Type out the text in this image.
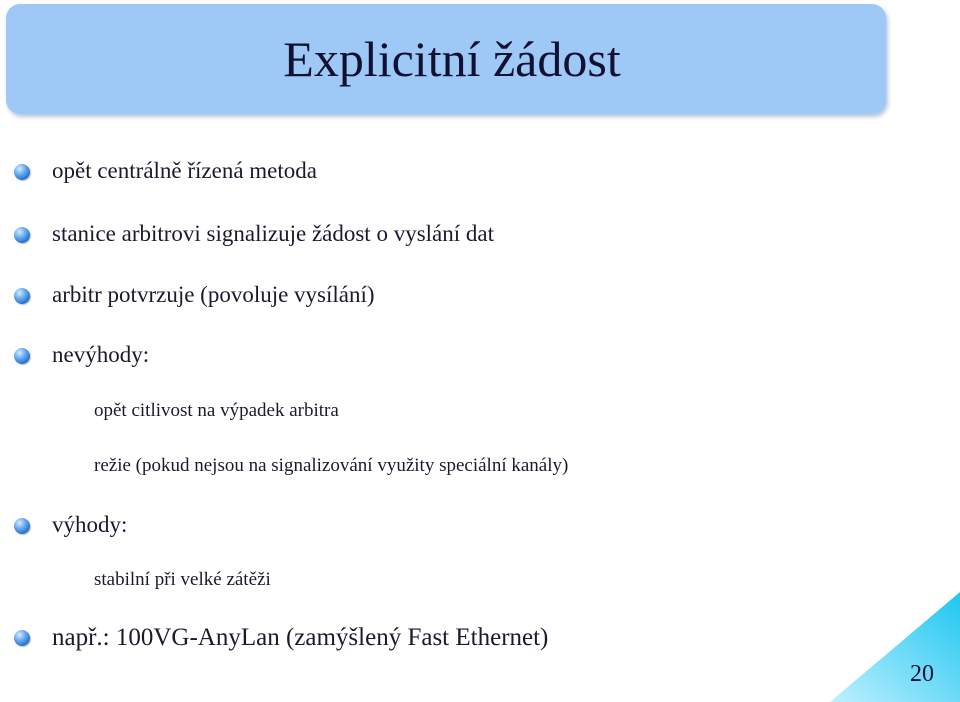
Explicitní žádost
opět centrálně řízená metoda
stanice arbitrovi signalizuje žádost o vyslání dat
arbitr potvrzuje (povoluje vysílání)
nevýhody:
opět citlivost na výpadek arbitra
režie (pokud nejsou na signalizování využity speciální kanály)
výhody:
stabilní při velké zátěži
např.: 100VG-AnyLan (zamýšlený Fast Ethernet)
20
